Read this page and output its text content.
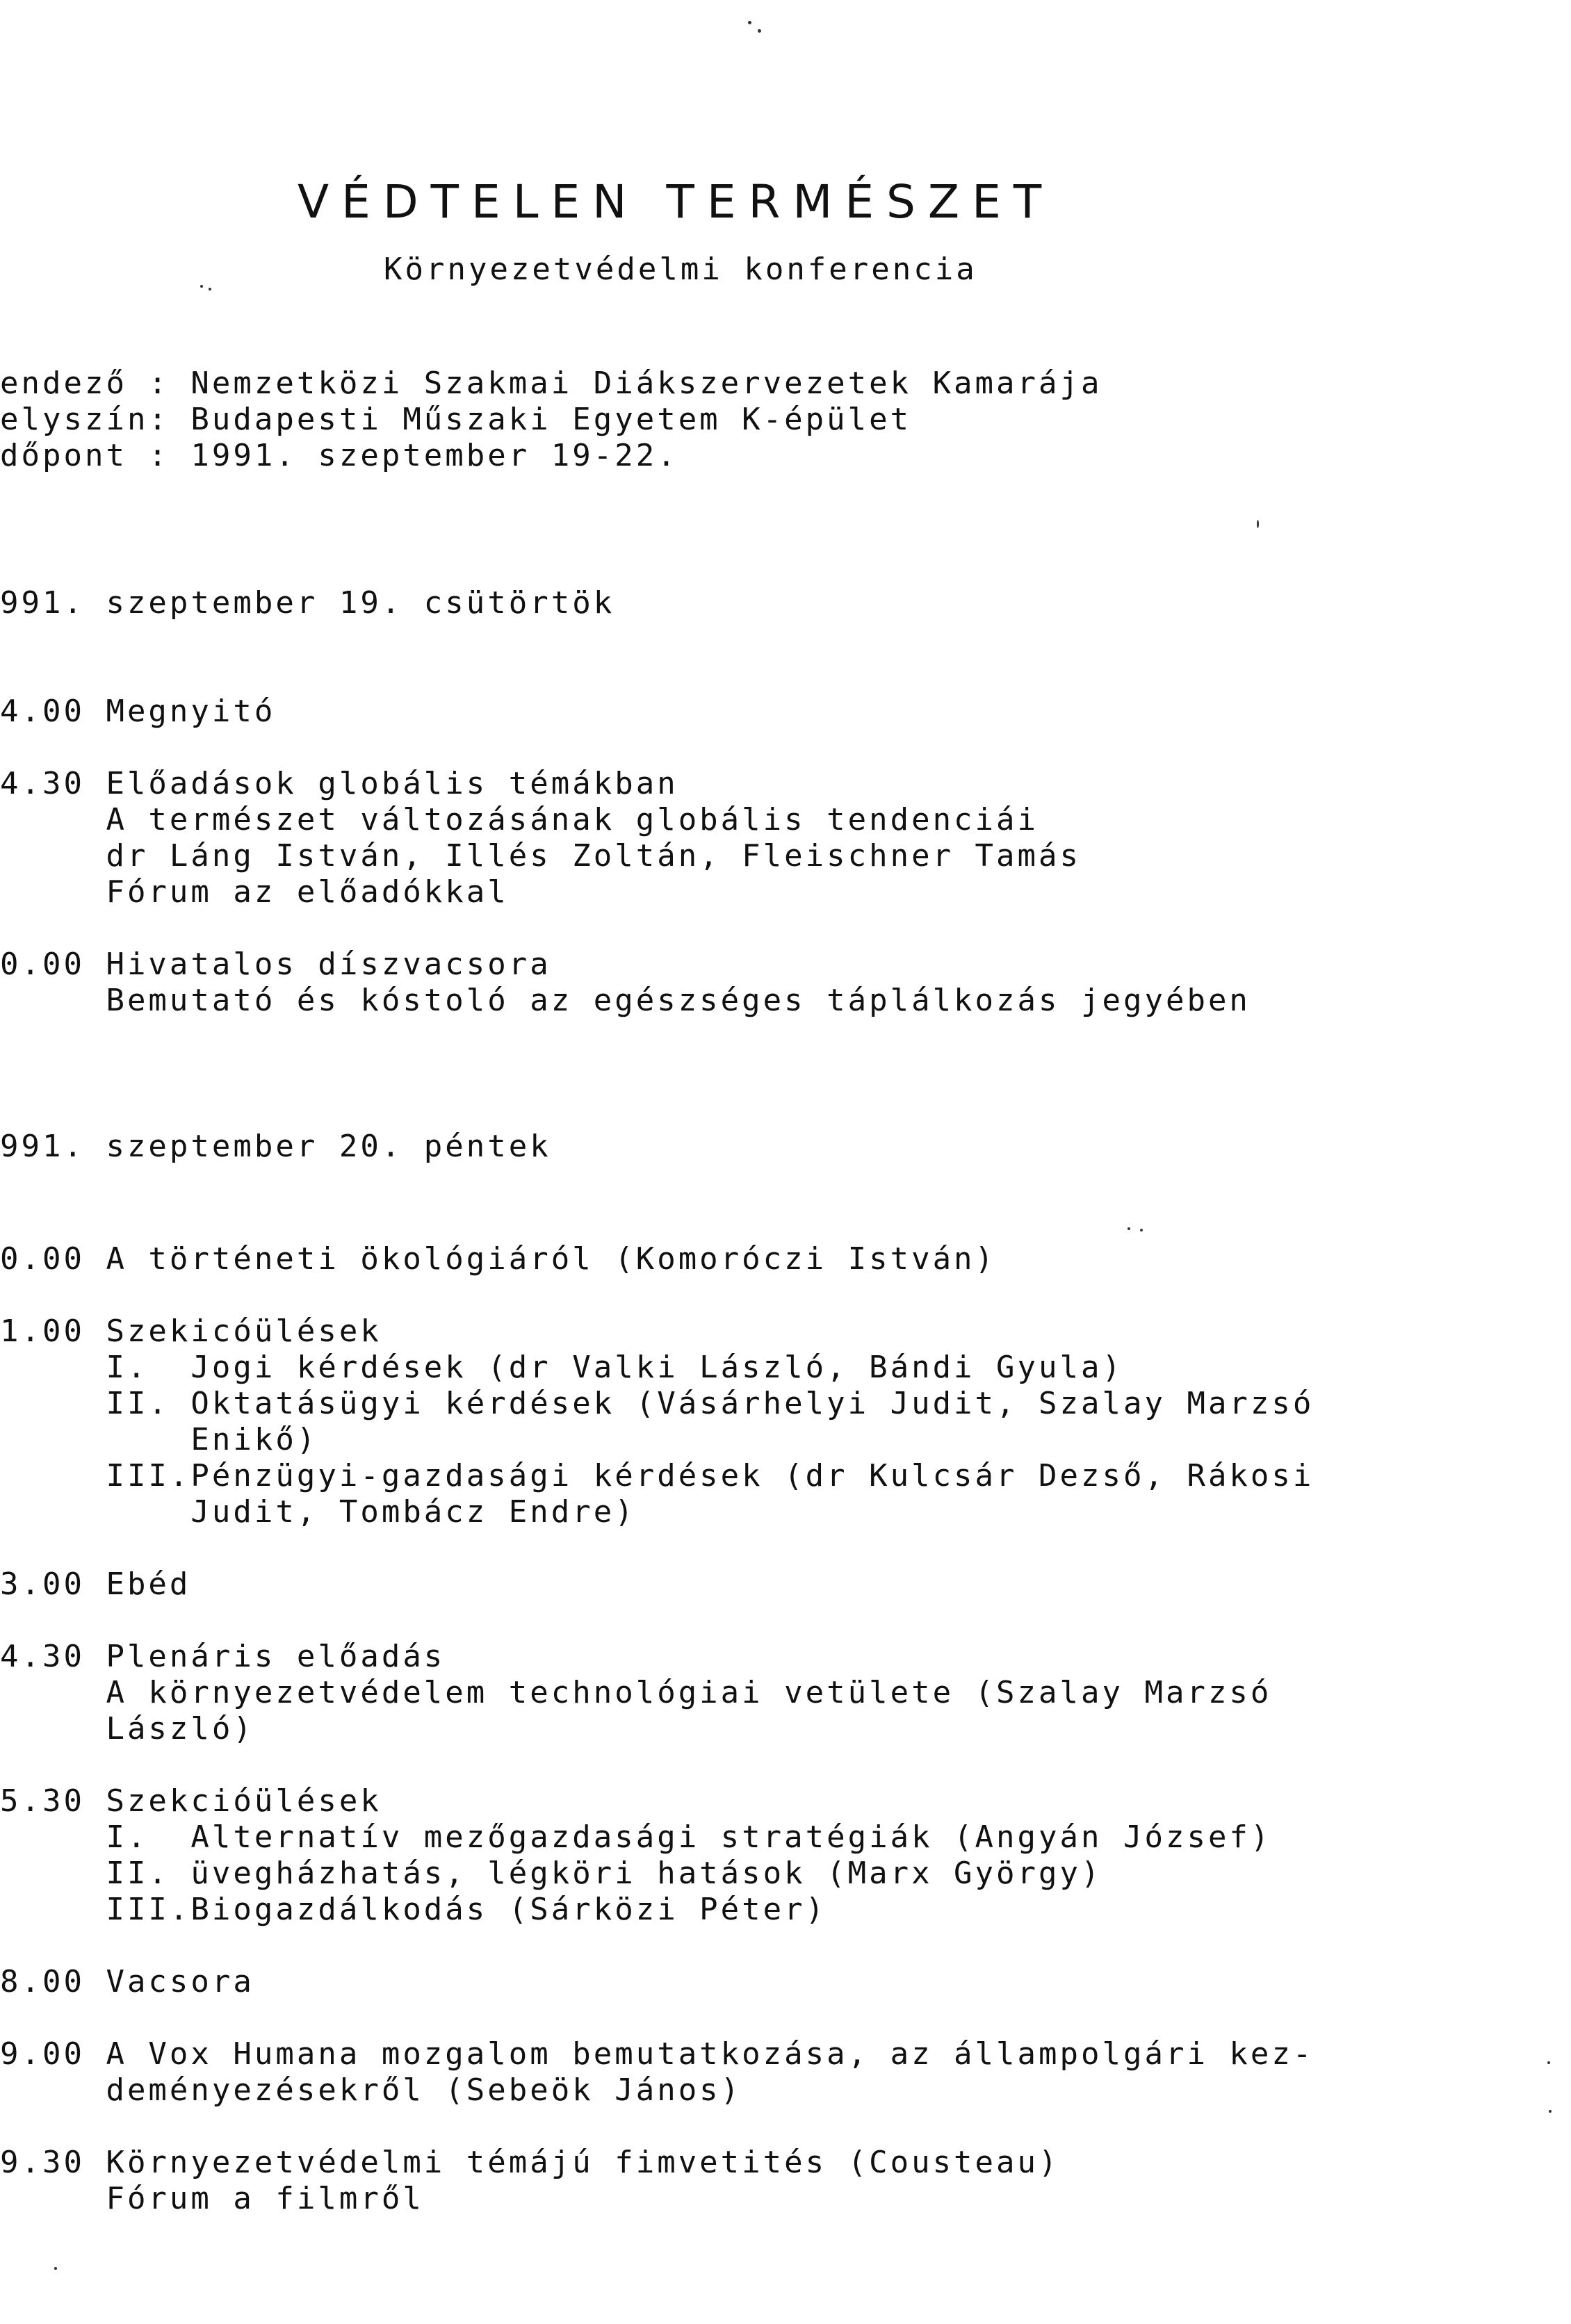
VÉDTELEN TERMÉSZET
Környezetvédelmi konferencia
endező : Nemzetközi Szakmai Diákszervezetek Kamarája
elyszín: Budapesti Műszaki Egyetem K-épület
dőpont : 1991. szeptember 19-22.
991. szeptember 19. csütörtök
4.00 Megnyitó
4.30 Előadások globális témákban
A természet változásának globális tendenciái
dr Láng István, Illés Zoltán, Fleischner Tamás
Fórum az előadókkal
0.00 Hivatalos díszvacsora
Bemutató és kóstoló az egészséges táplálkozás jegyében
991. szeptember 20. péntek
0.00 A történeti ökológiáról (Komoróczi István)
1.00 Szekicóülések
I.  Jogi kérdések (dr Valki László, Bándi Gyula)
II. Oktatásügyi kérdések (Vásárhelyi Judit, Szalay Marzsó
Enikő)
III.Pénzügyi-gazdasági kérdések (dr Kulcsár Dezső, Rákosi
Judit, Tombácz Endre)
3.00 Ebéd
4.30 Plenáris előadás
A környezetvédelem technológiai vetülete (Szalay Marzsó
László)
5.30 Szekcióülések
I.  Alternatív mezőgazdasági stratégiák (Angyán József)
II. üvegházhatás, légköri hatások (Marx György)
III.Biogazdálkodás (Sárközi Péter)
8.00 Vacsora
9.00 A Vox Humana mozgalom bemutatkozása, az állampolgári kez-
deményezésekről (Sebeök János)
9.30 Környezetvédelmi témájú fimvetités (Cousteau)
Fórum a filmről
